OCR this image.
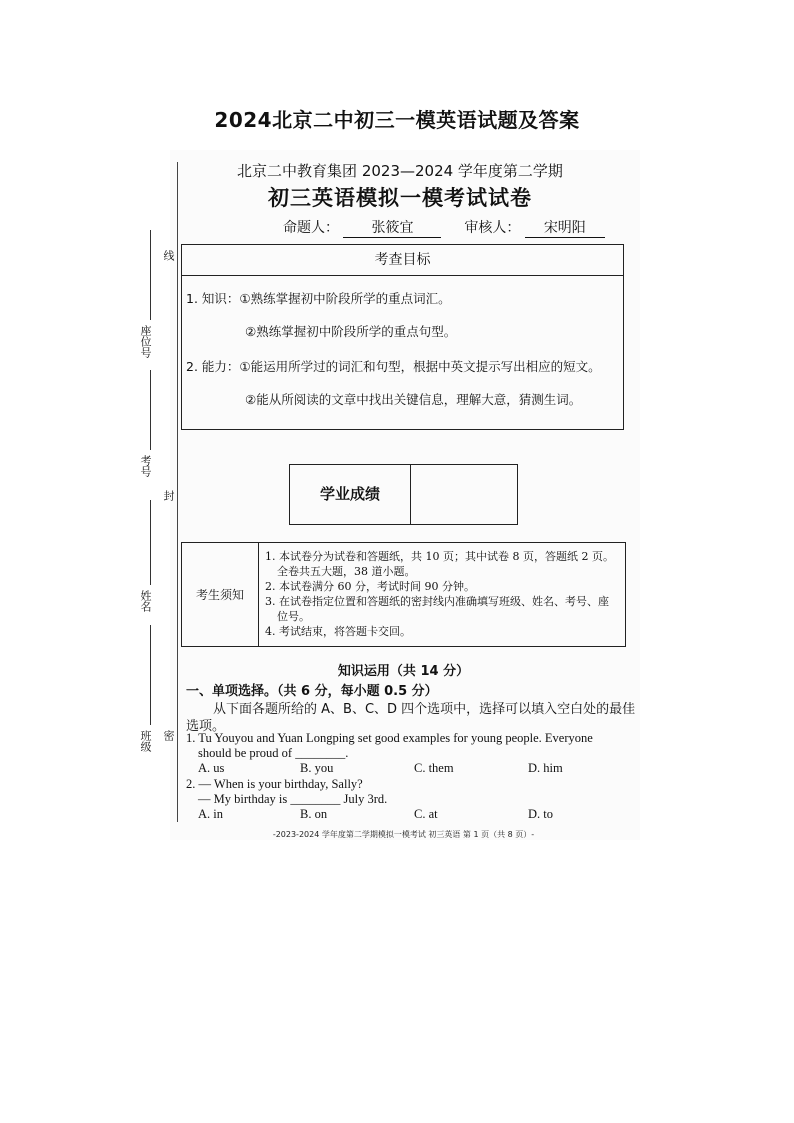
2024北京二中初三一模英语试题及答案
线
封
密
座位号
考号
姓名
班级
北京二中教育集团 2023—2024 学年度第二学期
初三英语模拟一模考试试卷
命题人： 张筱宜	审核人： 宋明阳
考查目标
1. 知识：①熟练掌握初中阶段所学的重点词汇。
②熟练掌握初中阶段所学的重点句型。
2. 能力：①能运用所学过的词汇和句型，根据中英文提示写出相应的短文。
②能从所阅读的文章中找出关键信息，理解大意，猜测生词。
学业成绩
考生须知
1. 本试卷分为试卷和答题纸，共 10 页；其中试卷 8 页，答题纸 2 页。
全卷共五大题，38 道小题。
2. 本试卷满分 60 分，考试时间 90 分钟。
3. 在试卷指定位置和答题纸的密封线内准确填写班级、姓名、考号、座
位号。
4. 考试结束，将答题卡交回。
知识运用（共 14 分）
一、单项选择。（共 6 分，每小题 0.5 分）
从下面各题所给的 A、B、C、D 四个选项中，选择可以填入空白处的最佳
选项。
1. Tu Youyou and Yuan Longping set good examples for young people. Everyone
should be proud of ________.
A. us	B. you	C. them	D. him
2. — When is your birthday, Sally?
— My birthday is ________ July 3rd.
A. in	B. on	C. at	D. to
-2023-2024 学年度第二学期模拟一模考试 初三英语 第 1 页（共 8 页）-
